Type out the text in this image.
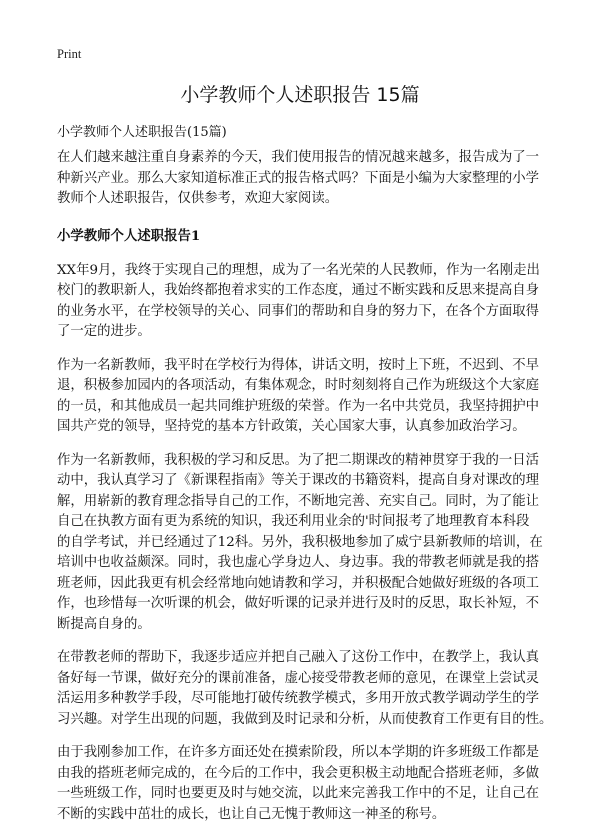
Print
小学教师个人述职报告 15篇
小学教师个人述职报告(15篇)

在人们越来越注重自身素养的今天，我们使用报告的情况越来越多，报告成为了一
种新兴产业。那么大家知道标准正式的报告格式吗？下面是小编为大家整理的小学
教师个人述职报告，仅供参考，欢迎大家阅读。

小学教师个人述职报告1

XX年9月，我终于实现自己的理想，成为了一名光荣的人民教师，作为一名刚走出
校门的教职新人，我始终都抱着求实的工作态度，通过不断实践和反思来提高自身
的业务水平，在学校领导的关心、同事们的帮助和自身的努力下，在各个方面取得
了一定的进步。

作为一名新教师，我平时在学校行为得体，讲话文明，按时上下班，不迟到、不早
退，积极参加园内的各项活动，有集体观念，时时刻刻将自己作为班级这个大家庭
的一员，和其他成员一起共同维护班级的荣誉。作为一名中共党员，我坚持拥护中
国共产党的领导，坚持党的基本方针政策，关心国家大事，认真参加政治学习。

作为一名新教师，我积极的学习和反思。为了把二期课改的精神贯穿于我的一日活
动中，我认真学习了《新课程指南》等关于课改的书籍资料，提高自身对课改的理
解，用崭新的教育理念指导自己的工作，不断地完善、充实自己。同时，为了能让
自己在执教方面有更为系统的知识，我还利用业余的'时间报考了地理教育本科段
的自学考试，并已经通过了12科。另外，我积极地参加了威宁县新教师的培训，在
培训中也收益颇深。同时，我也虚心学身边人、身边事。我的带教老师就是我的搭
班老师，因此我更有机会经常地向她请教和学习，并积极配合她做好班级的各项工
作，也珍惜每一次听课的机会，做好听课的记录并进行及时的反思，取长补短，不
断提高自身的。

在带教老师的帮助下，我逐步适应并把自己融入了这份工作中，在教学上，我认真
备好每一节课，做好充分的课前准备，虚心接受带教老师的意见，在课堂上尝试灵
活运用多种教学手段，尽可能地打破传统教学模式，多用开放式教学调动学生的学
习兴趣。对学生出现的问题，我做到及时记录和分析，从而使教育工作更有目的性。

由于我刚参加工作，在许多方面还处在摸索阶段，所以本学期的许多班级工作都是
由我的搭班老师完成的，在今后的工作中，我会更积极主动地配合搭班老师，多做
一些班级工作，同时也要更及时与她交流，以此来完善我工作中的不足，让自己在
不断的实践中茁壮的成长，也让自己无愧于教师这一神圣的称号。
